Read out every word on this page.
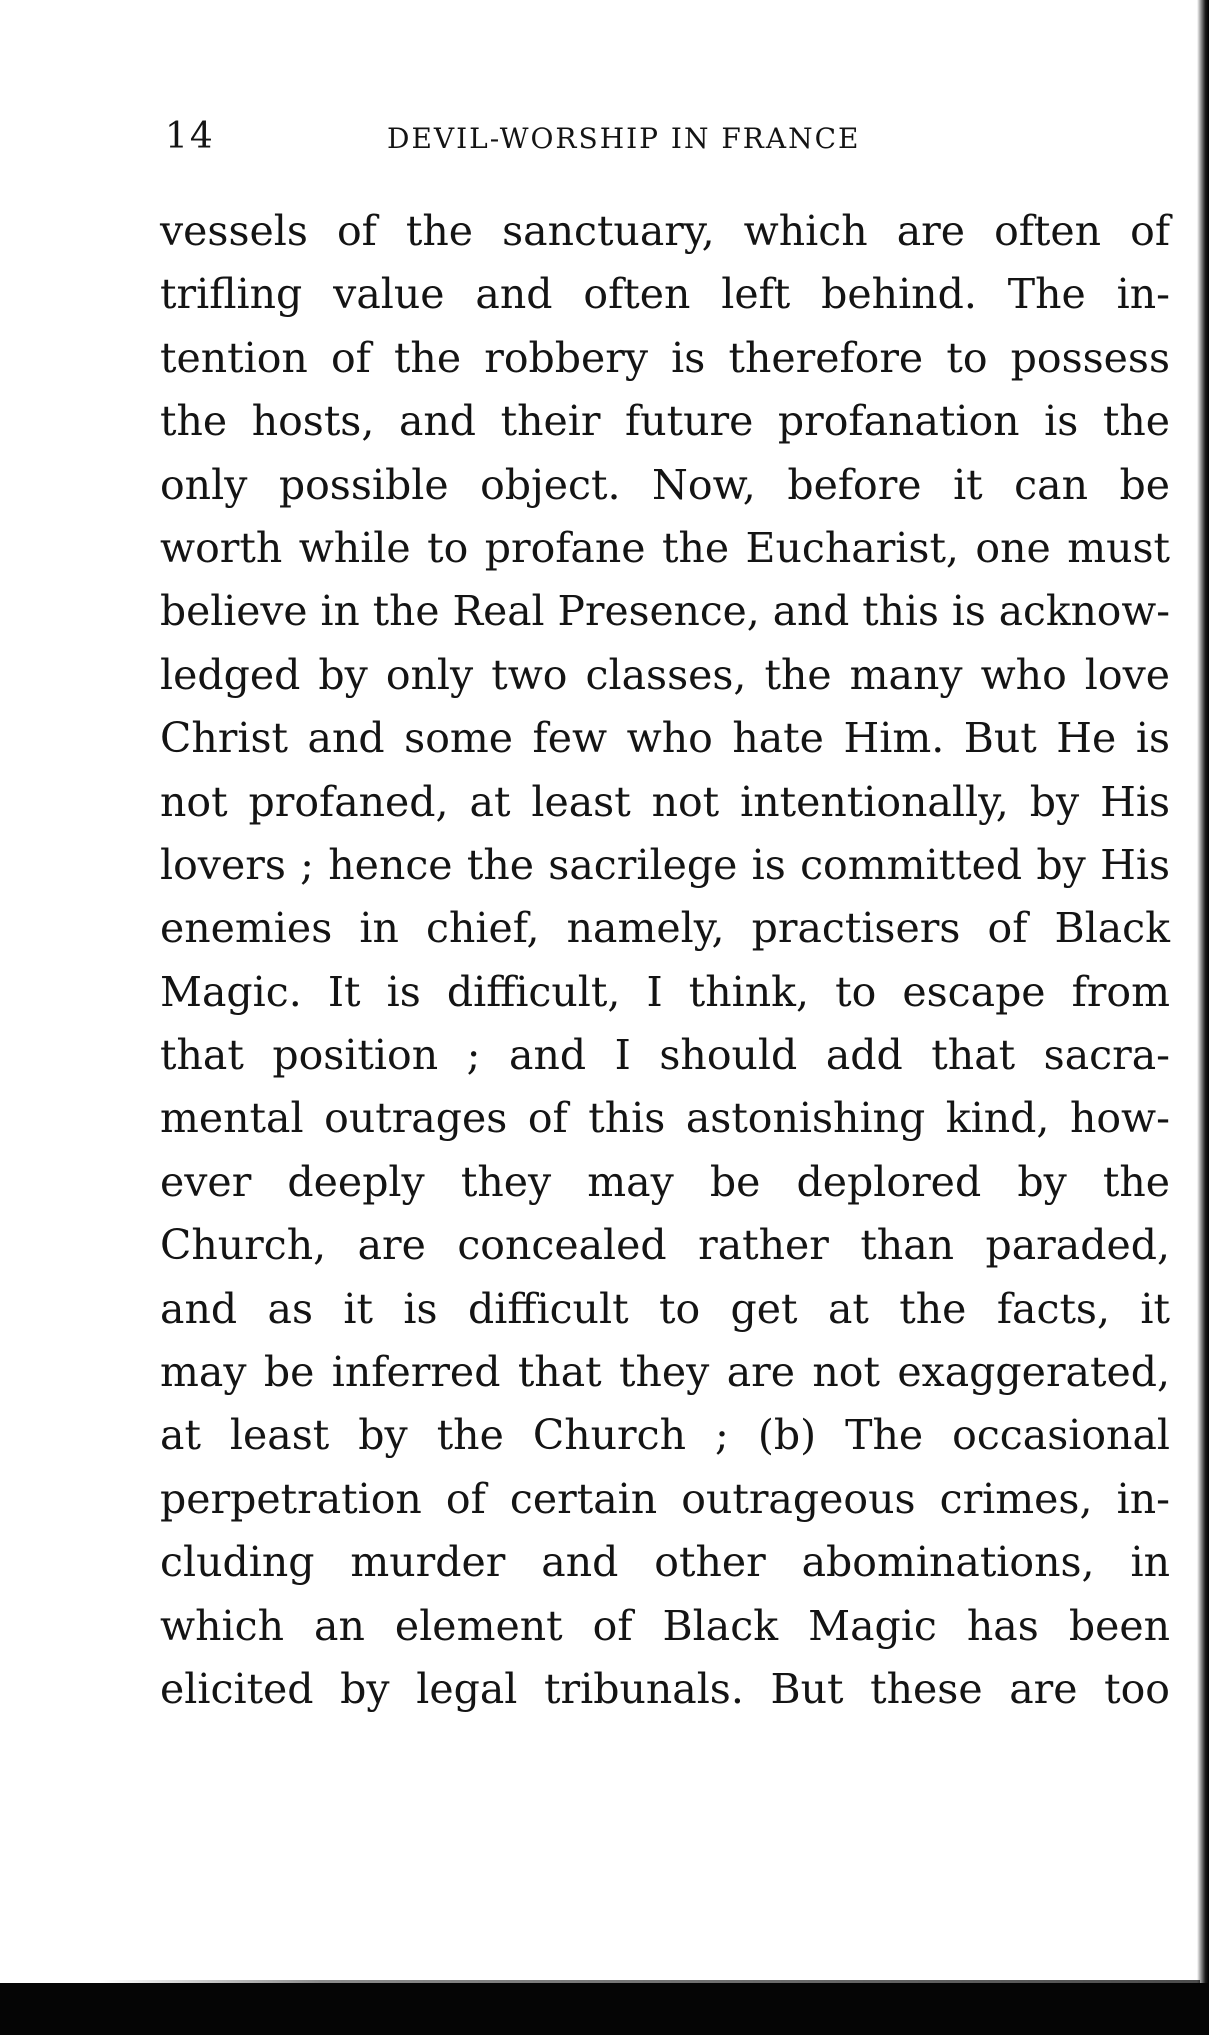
14	DEVIL-WORSHIP IN FRANCE
vessels of the sanctuary, which are often of
trifling value and often left behind. The in-
tention of the robbery is therefore to possess
the hosts, and their future profanation is the
only possible object. Now, before it can be
worth while to profane the Eucharist, one must
believe in the Real Presence, and this is acknow-
ledged by only two classes, the many who love
Christ and some few who hate Him. But He is
not profaned, at least not intentionally, by His
lovers ; hence the sacrilege is committed by His
enemies in chief, namely, practisers of Black
Magic. It is difficult, I think, to escape from
that position ; and I should add that sacra-
mental outrages of this astonishing kind, how-
ever deeply they may be deplored by the
Church, are concealed rather than paraded,
and as it is difficult to get at the facts, it
may be inferred that they are not exaggerated,
at least by the Church ; (b) The occasional
perpetration of certain outrageous crimes, in-
cluding murder and other abominations, in
which an element of Black Magic has been
elicited by legal tribunals. But these are too
